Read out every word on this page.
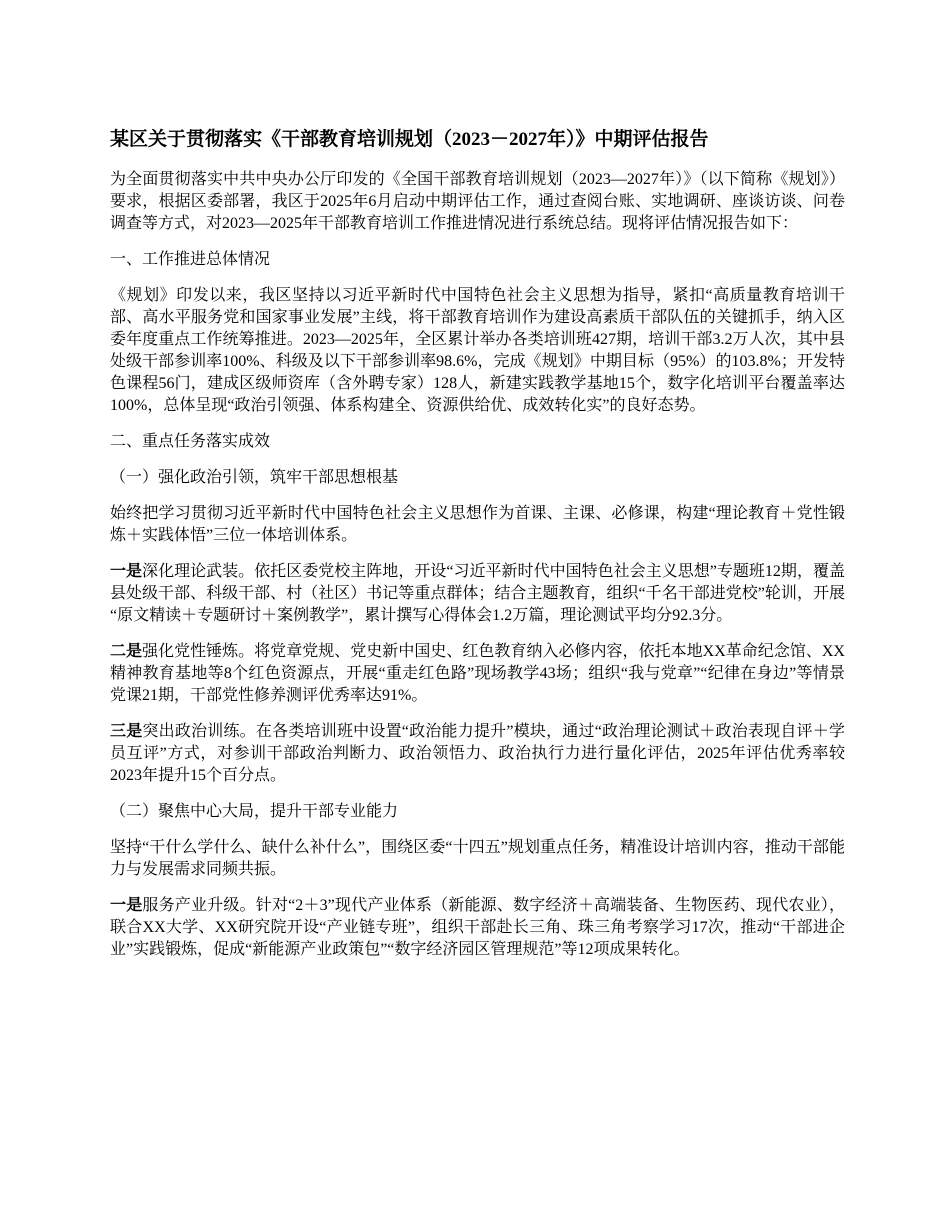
某区关于贯彻落实《干部教育培训规划（2023－2027年）》中期评估报告

为全面贯彻落实中共中央办公厅印发的《全国干部教育培训规划（2023—2027年）》（以下简称《规划》）要求，根据区委部署，我区于2025年6月启动中期评估工作，通过查阅台账、实地调研、座谈访谈、问卷调查等方式，对2023—2025年干部教育培训工作推进情况进行系统总结。现将评估情况报告如下：

一、工作推进总体情况

《规划》印发以来，我区坚持以习近平新时代中国特色社会主义思想为指导，紧扣“高质量教育培训干部、高水平服务党和国家事业发展”主线，将干部教育培训作为建设高素质干部队伍的关键抓手，纳入区委年度重点工作统筹推进。2023—2025年，全区累计举办各类培训班427期，培训干部3.2万人次，其中县处级干部参训率100%、科级及以下干部参训率98.6%，完成《规划》中期目标（95%）的103.8%；开发特色课程56门，建成区级师资库（含外聘专家）128人，新建实践教学基地15个，数字化培训平台覆盖率达100%，总体呈现“政治引领强、体系构建全、资源供给优、成效转化实”的良好态势。

二、重点任务落实成效

（一）强化政治引领，筑牢干部思想根基

始终把学习贯彻习近平新时代中国特色社会主义思想作为首课、主课、必修课，构建“理论教育＋党性锻炼＋实践体悟”三位一体培训体系。

一是深化理论武装。依托区委党校主阵地，开设“习近平新时代中国特色社会主义思想”专题班12期，覆盖县处级干部、科级干部、村（社区）书记等重点群体；结合主题教育，组织“千名干部进党校”轮训，开展“原文精读＋专题研讨＋案例教学”，累计撰写心得体会1.2万篇，理论测试平均分92.3分。

二是强化党性锤炼。将党章党规、党史新中国史、红色教育纳入必修内容，依托本地XX革命纪念馆、XX精神教育基地等8个红色资源点，开展“重走红色路”现场教学43场；组织“我与党章”“纪律在身边”等情景党课21期，干部党性修养测评优秀率达91%。

三是突出政治训练。在各类培训班中设置“政治能力提升”模块，通过“政治理论测试＋政治表现自评＋学员互评”方式，对参训干部政治判断力、政治领悟力、政治执行力进行量化评估，2025年评估优秀率较2023年提升15个百分点。

（二）聚焦中心大局，提升干部专业能力

坚持“干什么学什么、缺什么补什么”，围绕区委“十四五”规划重点任务，精准设计培训内容，推动干部能力与发展需求同频共振。

一是服务产业升级。针对“2＋3”现代产业体系（新能源、数字经济＋高端装备、生物医药、现代农业），联合XX大学、XX研究院开设“产业链专班”，组织干部赴长三角、珠三角考察学习17次，推动“干部进企业”实践锻炼，促成“新能源产业政策包”“数字经济园区管理规范”等12项成果转化。
